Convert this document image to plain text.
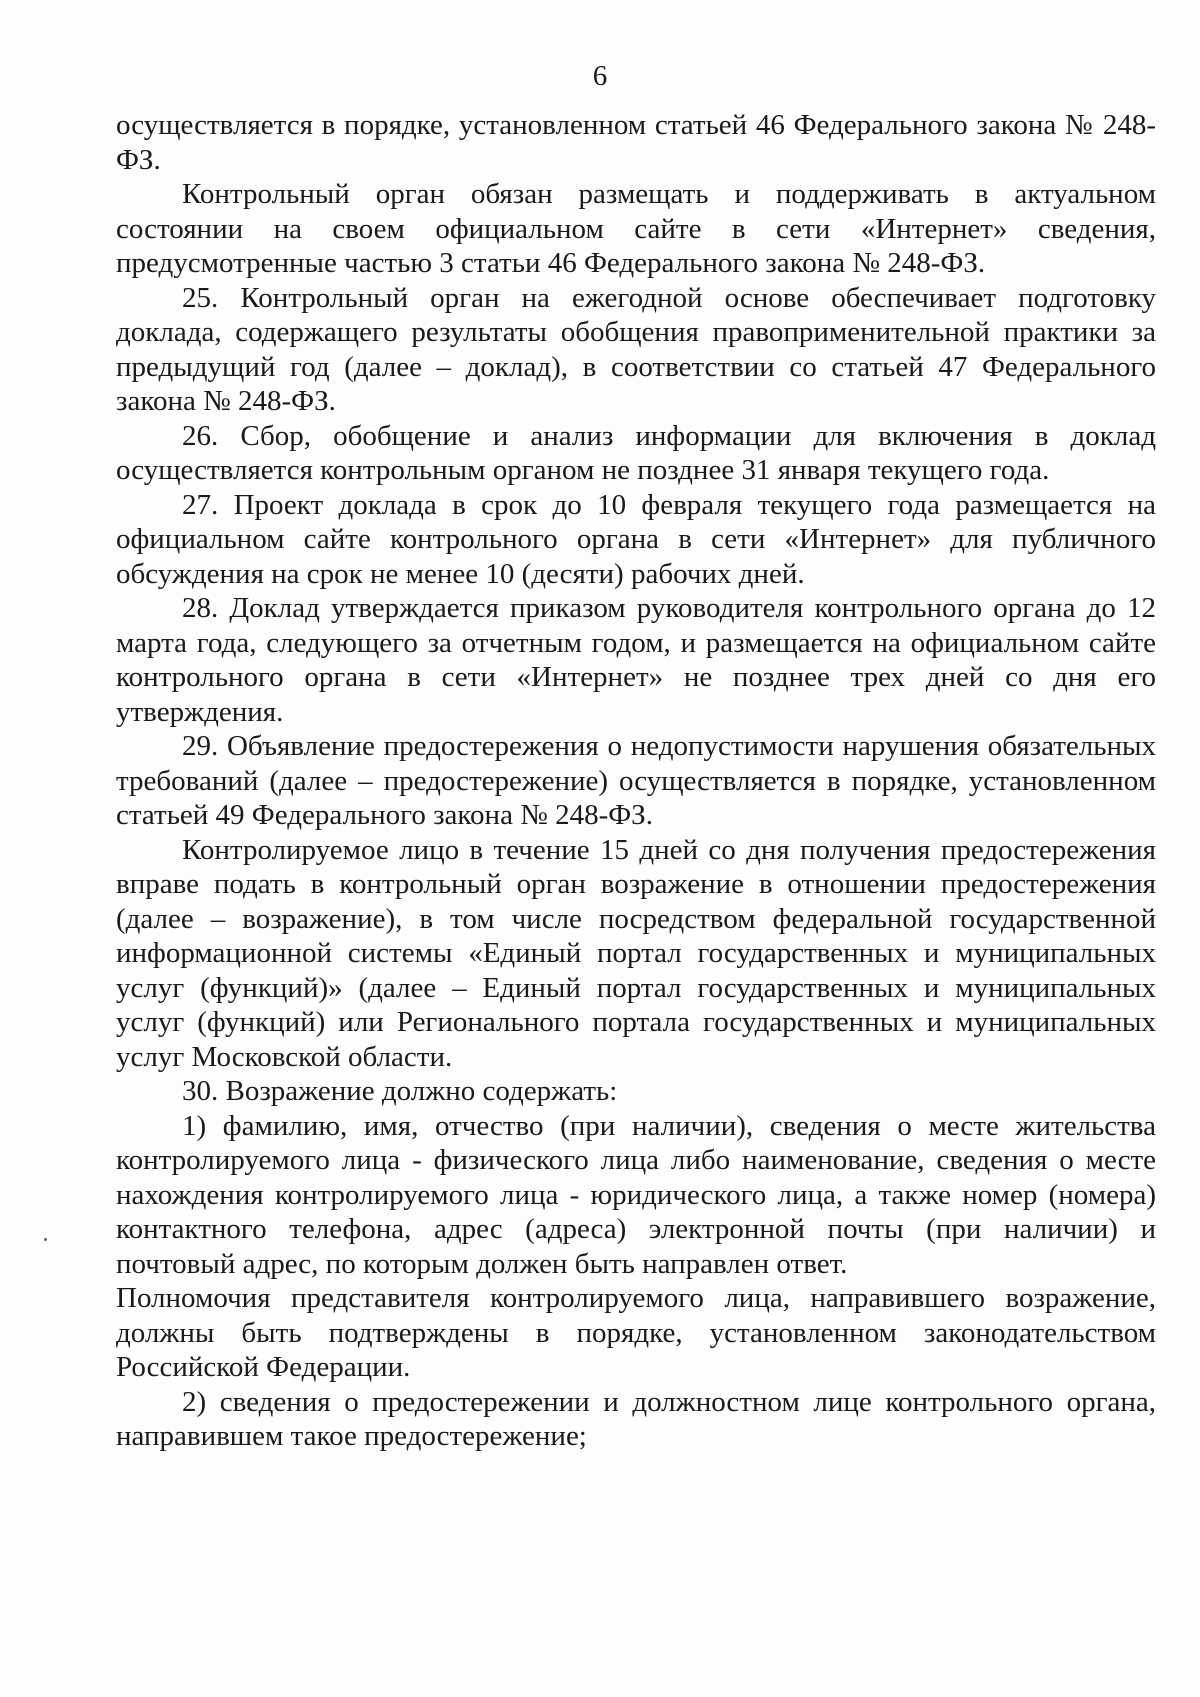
6

осуществляется в порядке, установленном статьей 46 Федерального закона № 248-ФЗ.

Контрольный орган обязан размещать и поддерживать в актуальном состоянии на своем официальном сайте в сети «Интернет» сведения, предусмотренные частью 3 статьи 46 Федерального закона № 248-ФЗ.

25. Контрольный орган на ежегодной основе обеспечивает подготовку доклада, содержащего результаты обобщения правоприменительной практики за предыдущий год (далее – доклад), в соответствии со статьей 47 Федерального закона № 248-ФЗ.

26. Сбор, обобщение и анализ информации для включения в доклад осуществляется контрольным органом не позднее 31 января текущего года.

27. Проект доклада в срок до 10 февраля текущего года размещается на официальном сайте контрольного органа в сети «Интернет» для публичного обсуждения на срок не менее 10 (десяти) рабочих дней.

28. Доклад утверждается приказом руководителя контрольного органа до 12 марта года, следующего за отчетным годом, и размещается на официальном сайте контрольного органа в сети «Интернет» не позднее трех дней со дня его утверждения.

29. Объявление предостережения о недопустимости нарушения обязательных требований (далее – предостережение) осуществляется в порядке, установленном статьей 49 Федерального закона № 248-ФЗ.

Контролируемое лицо в течение 15 дней со дня получения предостережения вправе подать в контрольный орган возражение в отношении предостережения (далее – возражение), в том числе посредством федеральной государственной информационной системы «Единый портал государственных и муниципальных услуг (функций)» (далее – Единый портал государственных и муниципальных услуг (функций) или Регионального портала государственных и муниципальных услуг Московской области.

30. Возражение должно содержать:

1) фамилию, имя, отчество (при наличии), сведения о месте жительства контролируемого лица - физического лица либо наименование, сведения о месте нахождения контролируемого лица - юридического лица, а также номер (номера) контактного телефона, адрес (адреса) электронной почты (при наличии) и почтовый адрес, по которым должен быть направлен ответ.

Полномочия представителя контролируемого лица, направившего возражение, должны быть подтверждены в порядке, установленном законодательством Российской Федерации.

2) сведения о предостережении и должностном лице контрольного органа, направившем такое предостережение;
